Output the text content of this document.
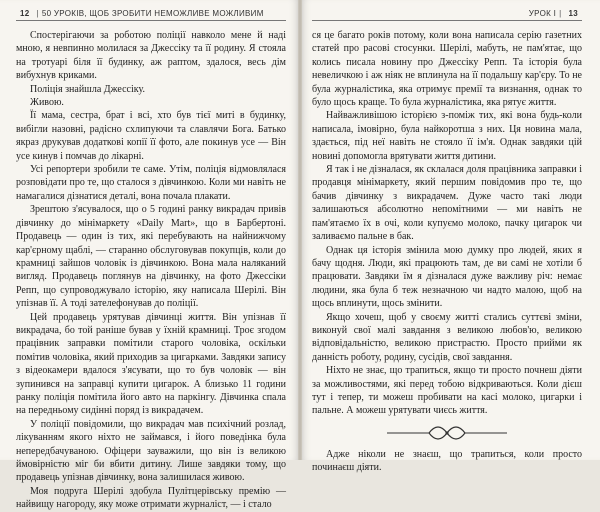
12 | 50 УРОКІВ, ЩОБ ЗРОБИТИ НЕМОЖЛИВЕ МОЖЛИВИМ

Спостерігаючи за роботою поліції навколо мене й наді мною, я невпинно молилася за Джессіку та її родину. Я стояла на тротуарі біля її будинку, аж раптом, здалося, весь дім вибухнув криками.

Поліція знайшла Джессіку.

Живою.

Її мама, сестра, брат і всі, хто був тієї миті в будинку, вибігли назовні, радісно схлипуючи та славлячи Бога. Батько якраз друкував додаткові копії її фото, але покинув усе — Він усе кинув і помчав до лікарні.

Усі репортери зробили те саме. Утім, поліція відмовлялася розповідати про те, що сталося з дівчинкою. Коли ми навіть не намагалися дізнатися деталі, вона почала плакати.

Зрештою з'ясувалося, що о 5 годині ранку викрадач привів дівчинку до мінімаркету «Daily Mart», що в Барбертоні. Продавець — один із тих, які перебувають на найнижчому кар'єрному щаблі, — старанно обслуговував покупців, коли до крамниці зайшов чоловік із дівчинкою. Вона мала наляканий вигляд. Продавець поглянув на дівчинку, на фото Джессіки Репп, що супроводжувало історію, яку написала Шерілі. Він упізнав її. А тоді зателефонував до поліції.

Цей продавець урятував дівчинці життя. Він упізнав її викрадача, бо той раніше бував у їхній крамниці. Троє згодом працівник заправки помітили старого чоловіка, оскільки помітив чоловіка, який приходив за цигарками. Завдяки запису з відеокамери вдалося з'ясувати, що то був чоловік — він зупинився на заправці купити цигарок. А близько 11 години ранку поліція помітила його авто на паркінгу. Дівчинка спала на передньому сидінні поряд із викрадачем.

У поліції повідомили, що викрадач мав психічний розлад, лікуванням якого ніхто не займався, і його поведінка була непередбачуваною. Офіцери зауважили, що він із великою ймовірністю міг би вбити дитину. Лише завдяки тому, що продавець упізнав дівчинку, вона залишилася живою.

Моя подруга Шерілі здобула Пулітцерівську премію — найвищу нагороду, яку може отримати журналіст, — і стало

УРОК І | 13

ся це багато років потому, коли вона написала серію газетних статей про расові стосунки. Шерілі, мабуть, не пам'ятає, що колись писала новину про Джессіку Репп. Та історія була невеличкою і аж ніяк не вплинула на її подальшу кар'єру. То не була журналістика, яка отримує премії та визнання, однак то було щось краще. То була журналістика, яка рятує життя.

Найважливішою історією з-поміж тих, які вона будь-коли написала, імовірно, була найкоротша з них. Ця новина мала, здається, під неї навіть не стояло її ім'я. Однак завдяки цій новині допомогла врятувати життя дитини.

Я так і не дізналася, як склалася доля працівника заправки і продавця мінімаркету, який першим повідомив про те, що бачив дівчинку з викрадачем. Дуже часто такі люди залишаються абсолютно непомітними — ми навіть не пам'ятаємо їх в очі, коли купуємо молоко, пачку цигарок чи заливаємо пальне в бак.

Однак ця історія змінила мою думку про людей, яких я бачу щодня. Люди, які працюють там, де ви самі не хотіли б працювати. Завдяки їм я дізналася дуже важливу річ: немає людини, яка була б теж незначною чи надто малою, щоб на щось вплинути, щось змінити.

Якщо хочеш, щоб у своєму житті стались суттєві зміни, виконуй свої малі завдання з великою любов'ю, великою відповідальністю, великою пристрастю. Просто прийми як данність роботу, родину, сусідів, свої завдання.

Ніхто не знає, що трапиться, якщо ти просто почнеш діяти за можливостями, які перед тобою відкриваються. Коли дієш тут і тепер, ти можеш пробивати на касі молоко, цигарки і пальне. А можеш урятувати чиєсь життя.

Адже ніколи не знаєш, що трапиться, коли просто починаєш діяти.
